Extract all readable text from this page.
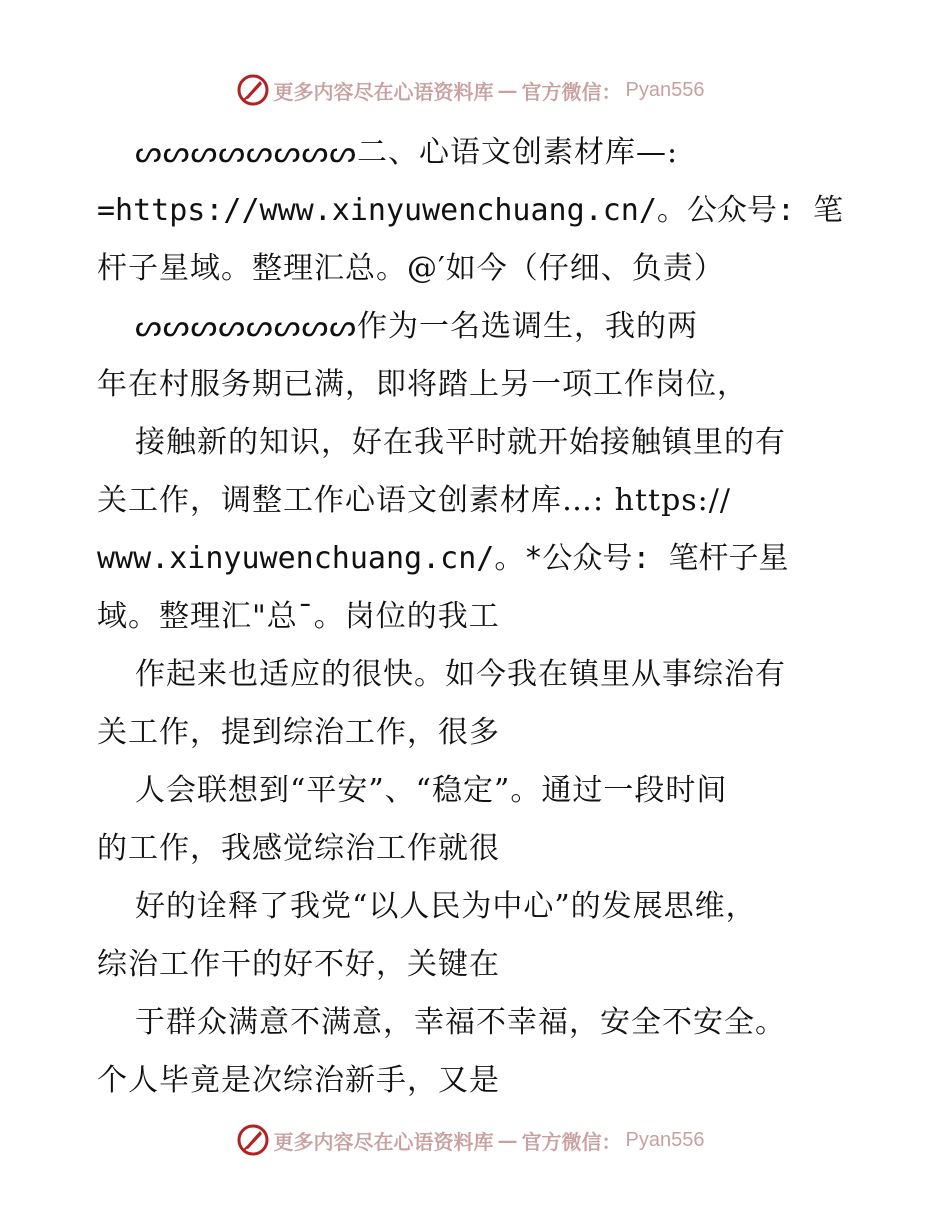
更多内容尽在心语资料库 — 官方微信： Pyan556
ᔕᔕᔕᔕᔕᔕᔕᔕ二、心语文创素材库—:
=https://www.xinyuwenchuang.cn/。公众号: 笔
杆子星域。整理汇总。@′如今（仔细、负责）
ᔕᔕᔕᔕᔕᔕᔕᔕ作为一名选调生，我的两
年在村服务期已满，即将踏上另一项工作岗位，
接触新的知识，好在我平时就开始接触镇里的有
关工作，调整工作心语文创素材库…: https://
www.xinyuwenchuang.cn/。*公众号: 笔杆子星
域。整理汇"总¯。岗位的我工
作起来也适应的很快。如今我在镇里从事综治有
关工作，提到综治工作，很多
人会联想到“平安”、“稳定”。通过一段时间
的工作，我感觉综治工作就很
好的诠释了我党“以人民为中心”的发展思维，
综治工作干的好不好，关键在
于群众满意不满意，幸福不幸福，安全不安全。
个人毕竟是次综治新手，又是
更多内容尽在心语资料库 — 官方微信： Pyan556
